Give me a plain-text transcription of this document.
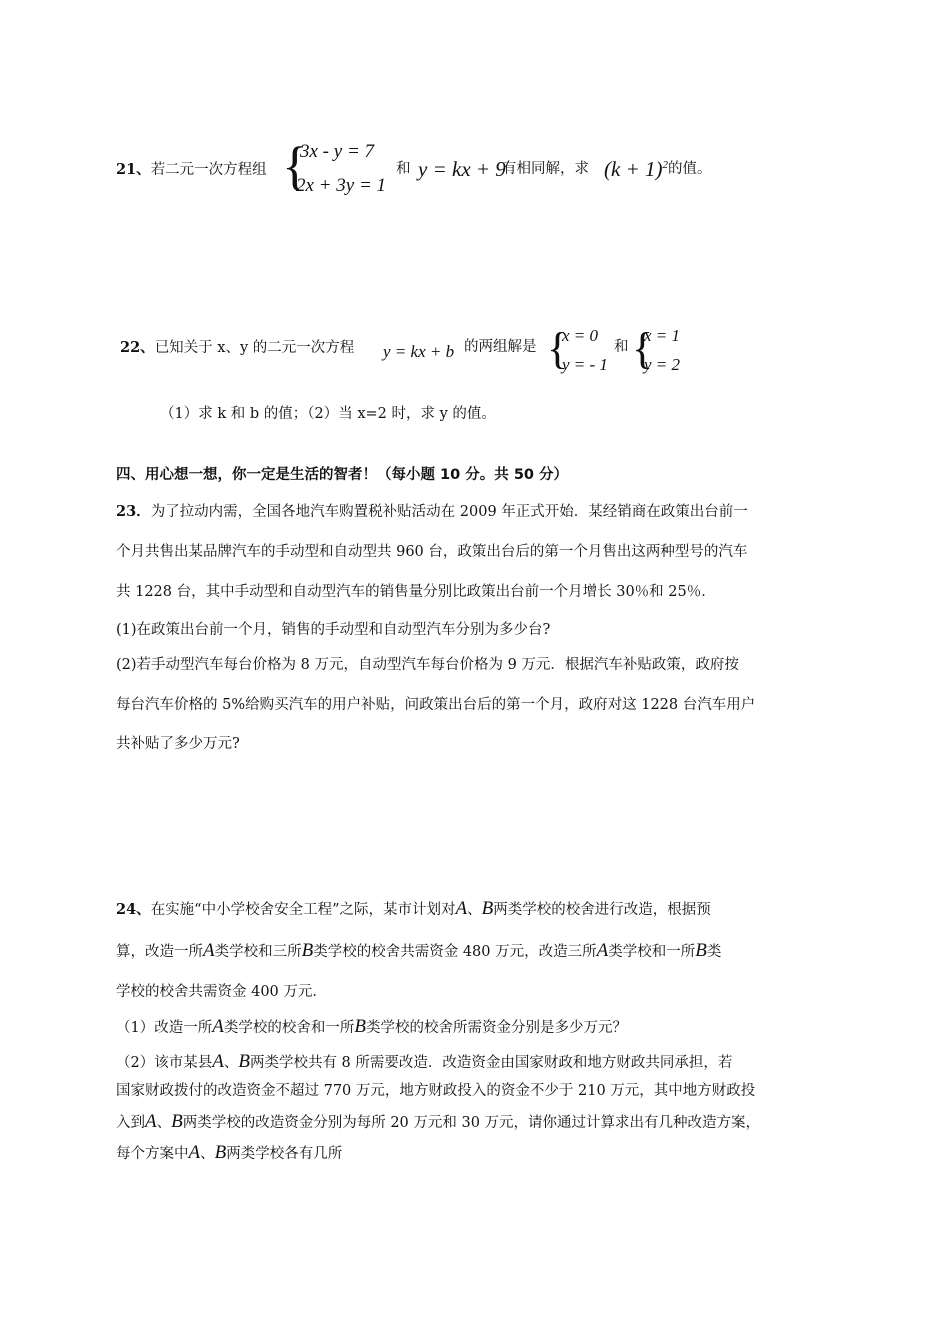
21、若二元一次方程组 {
3x - y = 7
2x + 3y = 1
和 y = kx + 9
有相同解，求 $(k + 1)^2$ 的值。
22、已知关于 x、y 的二元一次方程 y = kx + b 的两组解是 {
x = 0
y = - 1
和 {
x = 1
y = 2
（1）求 k 和 b 的值；（2）当 x=2 时，求 y 的值。
四、用心想一想，你一定是生活的智者！（每小题 10 分。共 50 分）
23．为了拉动内需，全国各地汽车购置税补贴活动在 2009 年正式开始．某经销商在政策出台前一
个月共售出某品牌汽车的手动型和自动型共 960 台，政策出台后的第一个月售出这两种型号的汽车
共 1228 台，其中手动型和自动型汽车的销售量分别比政策出台前一个月增长 30％和 25％．
(1)在政策出台前一个月，销售的手动型和自动型汽车分别为多少台?
(2)若手动型汽车每台价格为 8 万元，自动型汽车每台价格为 9 万元．根据汽车补贴政策，政府按
每台汽车价格的 5%给购买汽车的用户补贴，问政策出台后的第一个月，政府对这 1228 台汽车用户
共补贴了多少万元?
24、在实施“中小学校舍安全工程”之际，某市计划对A、B两类学校的校舍进行改造，根据预
算，改造一所A类学校和三所B类学校的校舍共需资金 480 万元，改造三所A类学校和一所B类
学校的校舍共需资金 400 万元．
（1）改造一所A类学校的校舍和一所B类学校的校舍所需资金分别是多少万元？
（2）该市某县A、B两类学校共有 8 所需要改造．改造资金由国家财政和地方财政共同承担，若
国家财政拨付的改造资金不超过 770 万元，地方财政投入的资金不少于 210 万元，其中地方财政投
入到A、B两类学校的改造资金分别为每所 20 万元和 30 万元，请你通过计算求出有几种改造方案，
每个方案中A、B两类学校各有几所
